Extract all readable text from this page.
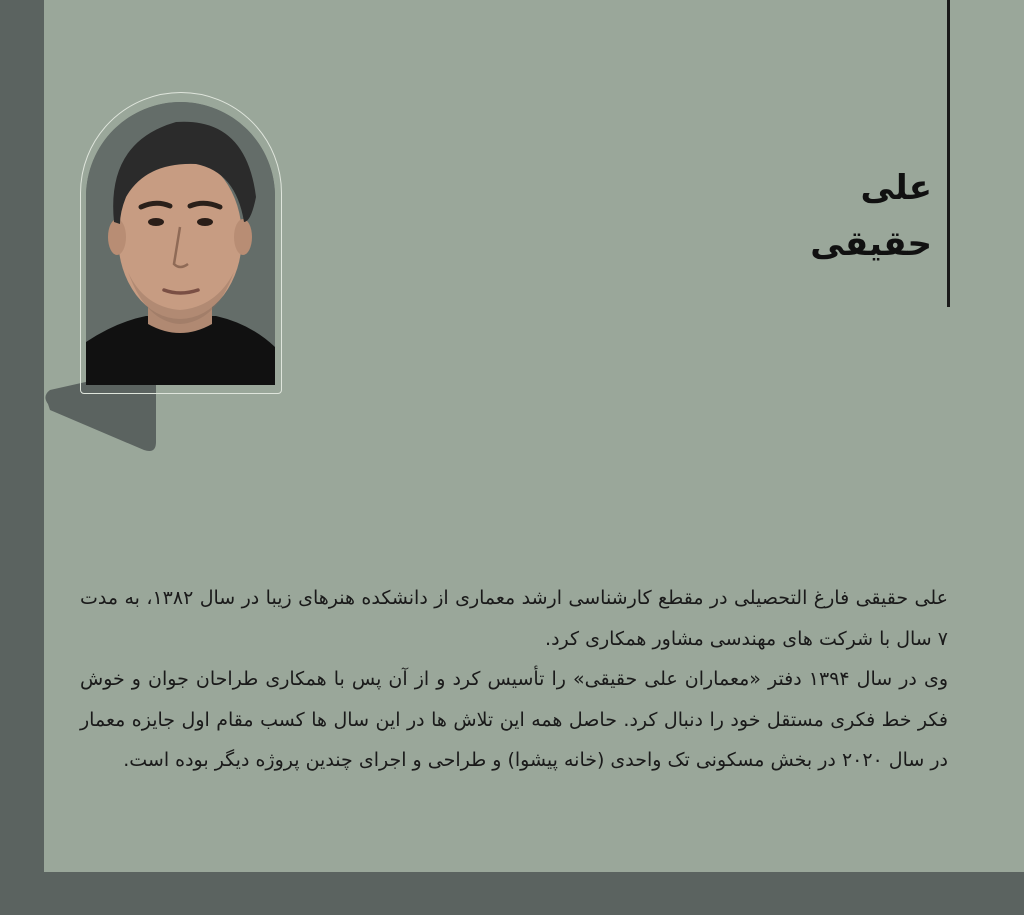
علی
حقیقی

علی حقیقی فارغ التحصیلی در مقطع کارشناسی ارشد معماری از دانشکده هنرهای زیبا در سال ۱۳۸۲، به مدت ۷ سال با شرکت های مهندسی مشاور همکاری کرد.

وی در سال ۱۳۹۴ دفتر «معماران علی حقیقی» را تأسیس کرد و از آن پس با همکاری طراحان جوان و خوش فکر خط فکری مستقل خود را دنبال کرد. حاصل همه این تلاش ها در این سال ها کسب مقام اول جایزه معمار در سال ۲۰۲۰ در بخش مسکونی تک واحدی (خانه پیشوا) و طراحی و اجرای چندین پروژه دیگر بوده است.
